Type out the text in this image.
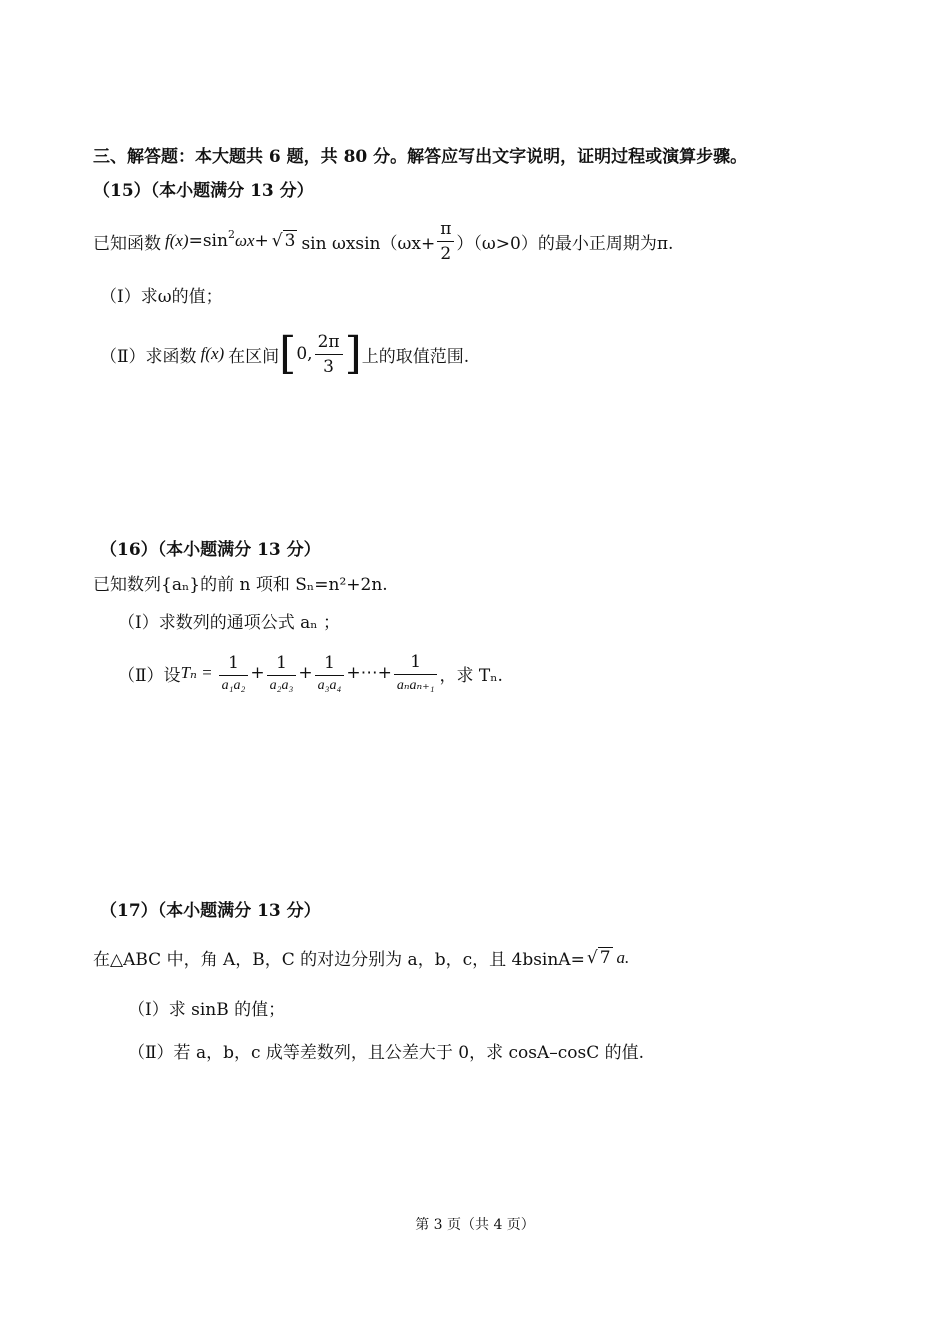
三、解答题：本大题共 6 题，共 80 分。解答应写出文字说明，证明过程或演算步骤。
（15）（本小题满分 13 分）
已知函数 $f(x) =\sin^2$ ωx + √ 3 $\sin \omega xsin(\omega x+ \frac{\pi}{2} )(\omega>0)$的最小正周期为π.
（Ⅰ）求ω的值；
（Ⅱ）求函数 f(x) 在区间 [ 0, $\frac{2\pi}{3}$ ] 上的取值范围.
（16）（本小题满分 13 分）
已知数列{aₙ}的前 n 项和 Sₙ=n²+2n.
（Ⅰ）求数列的通项公式 aₙ ；
（Ⅱ）设 $T_n = \frac{1}{\text{a₁a₂}} + \frac{1}{\text{a₂a₃}} + \frac{1}{\text{a₃a₄}}$ +⋯+ $\frac{1}{\text{aₙaₙ₊₁}}$ ，求 Tₙ.
（17）（本小题满分 13 分）
在△ABC 中，角 A，B，C 的对边分别为 a，b，c，且 4bsinA= √ 7 a.
（Ⅰ）求 sinB 的值；
（Ⅱ）若 a，b，c 成等差数列，且公差大于 0，求 cosA–cosC 的值.
第 3 页（共 4 页）
